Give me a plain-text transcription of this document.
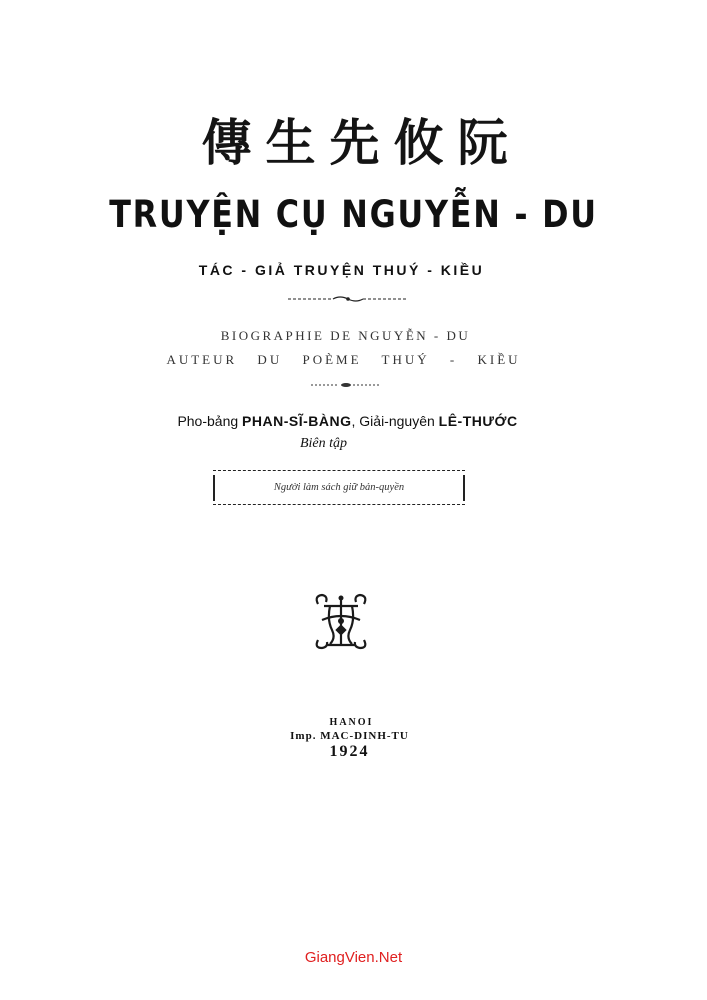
傳生先攸阮
TRUYỆN CỤ NGUYỄN - DU
TÁC - GIẢ TRUYỆN THUÝ - KIỀU
BIOGRAPHIE DE NGUYỄN - DU
AUTEUR DU POÈME THUÝ - KIỀU
Pho-bảng PHAN-SĨ-BÀNG, Giải-nguyên LÊ-THƯỚC
Biên tập
Người làm sách giữ bản-quyền
HANOI
Imp. MAC-DINH-TU
1924
GiangVien.Net
